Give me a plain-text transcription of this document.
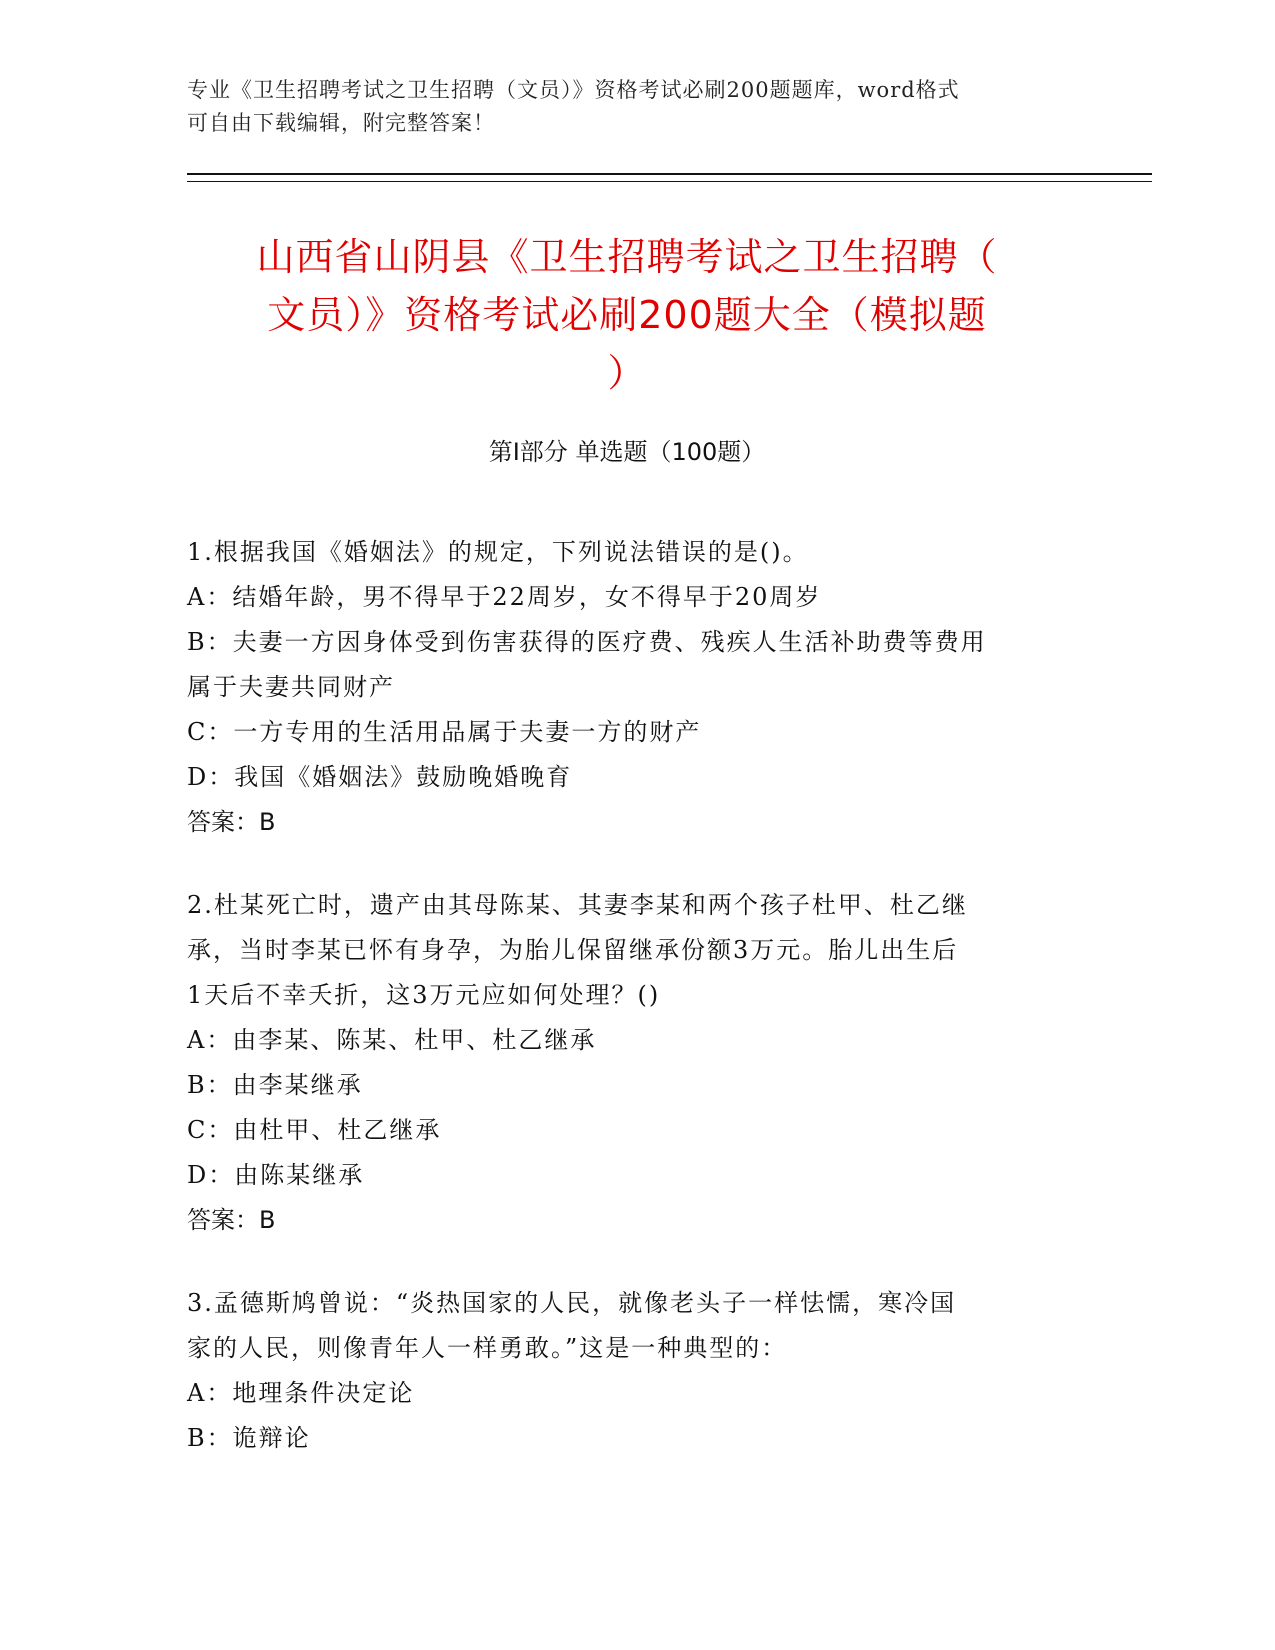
专业《卫生招聘考试之卫生招聘（文员）》资格考试必刷200题题库，word格式
可自由下载编辑，附完整答案！
山西省山阴县《卫生招聘考试之卫生招聘（
文员）》资格考试必刷200题大全（模拟题
）
第I部分 单选题（100题）

1.根据我国《婚姻法》的规定，下列说法错误的是()。

A：结婚年龄，男不得早于22周岁，女不得早于20周岁

B：夫妻一方因身体受到伤害获得的医疗费、残疾人生活补助费等费用

属于夫妻共同财产

C：一方专用的生活用品属于夫妻一方的财产

D：我国《婚姻法》鼓励晚婚晚育

答案：B

2.杜某死亡时，遗产由其母陈某、其妻李某和两个孩子杜甲、杜乙继

承，当时李某已怀有身孕，为胎儿保留继承份额3万元。胎儿出生后

1天后不幸夭折，这3万元应如何处理？()

A：由李某、陈某、杜甲、杜乙继承

B：由李某继承

C：由杜甲、杜乙继承

D：由陈某继承

答案：B

3.孟德斯鸠曾说：“炎热国家的人民，就像老头子一样怯懦，寒冷国

家的人民，则像青年人一样勇敢。”这是一种典型的：

A：地理条件决定论

B：诡辩论
